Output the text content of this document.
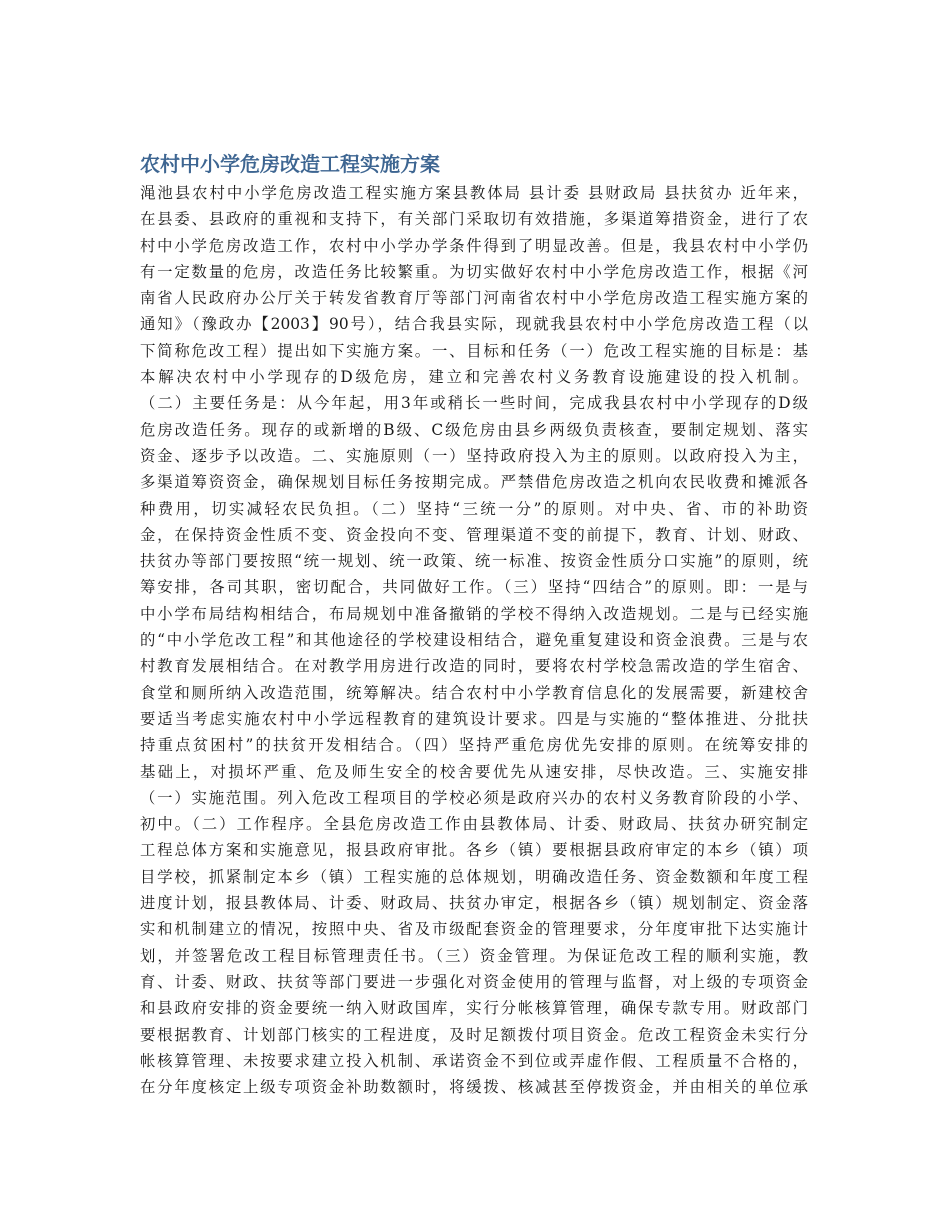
农村中小学危房改造工程实施方案
渑池县农村中小学危房改造工程实施方案县教体局 县计委 县财政局 县扶贫办 近年来，
在县委、县政府的重视和支持下，有关部门采取切有效措施，多渠道筹措资金，进行了农
村中小学危房改造工作，农村中小学办学条件得到了明显改善。但是，我县农村中小学仍
有一定数量的危房，改造任务比较繁重。为切实做好农村中小学危房改造工作，根据《河
南省人民政府办公厅关于转发省教育厅等部门河南省农村中小学危房改造工程实施方案的
通知》（豫政办【2003】90号），结合我县实际，现就我县农村中小学危房改造工程（以
下简称危改工程）提出如下实施方案。一、目标和任务（一）危改工程实施的目标是：基
本解决农村中小学现存的D级危房，建立和完善农村义务教育设施建设的投入机制。
（二）主要任务是：从今年起，用3年或稍长一些时间，完成我县农村中小学现存的D级
危房改造任务。现存的或新增的B级、C级危房由县乡两级负责核查，要制定规划、落实
资金、逐步予以改造。二、实施原则（一）坚持政府投入为主的原则。以政府投入为主，
多渠道筹资资金，确保规划目标任务按期完成。严禁借危房改造之机向农民收费和摊派各
种费用，切实减轻农民负担。（二）坚持“三统一分”的原则。对中央、省、市的补助资
金，在保持资金性质不变、资金投向不变、管理渠道不变的前提下，教育、计划、财政、
扶贫办等部门要按照“统一规划、统一政策、统一标准、按资金性质分口实施”的原则，统
筹安排，各司其职，密切配合，共同做好工作。（三）坚持“四结合”的原则。即：一是与
中小学布局结构相结合，布局规划中准备撤销的学校不得纳入改造规划。二是与已经实施
的“中小学危改工程”和其他途径的学校建设相结合，避免重复建设和资金浪费。三是与农
村教育发展相结合。在对教学用房进行改造的同时，要将农村学校急需改造的学生宿舍、
食堂和厕所纳入改造范围，统筹解决。结合农村中小学教育信息化的发展需要，新建校舍
要适当考虑实施农村中小学远程教育的建筑设计要求。四是与实施的“整体推进、分批扶
持重点贫困村”的扶贫开发相结合。（四）坚持严重危房优先安排的原则。在统筹安排的
基础上，对损坏严重、危及师生安全的校舍要优先从速安排，尽快改造。三、实施安排
（一）实施范围。列入危改工程项目的学校必须是政府兴办的农村义务教育阶段的小学、
初中。（二）工作程序。全县危房改造工作由县教体局、计委、财政局、扶贫办研究制定
工程总体方案和实施意见，报县政府审批。各乡（镇）要根据县政府审定的本乡（镇）项
目学校，抓紧制定本乡（镇）工程实施的总体规划，明确改造任务、资金数额和年度工程
进度计划，报县教体局、计委、财政局、扶贫办审定，根据各乡（镇）规划制定、资金落
实和机制建立的情况，按照中央、省及市级配套资金的管理要求，分年度审批下达实施计
划，并签署危改工程目标管理责任书。（三）资金管理。为保证危改工程的顺利实施，教
育、计委、财政、扶贫等部门要进一步强化对资金使用的管理与监督，对上级的专项资金
和县政府安排的资金要统一纳入财政国库，实行分帐核算管理，确保专款专用。财政部门
要根据教育、计划部门核实的工程进度，及时足额拨付项目资金。危改工程资金未实行分
帐核算管理、未按要求建立投入机制、承诺资金不到位或弄虚作假、工程质量不合格的，
在分年度核定上级专项资金补助数额时，将缓拨、核减甚至停拨资金，并由相关的单位承
